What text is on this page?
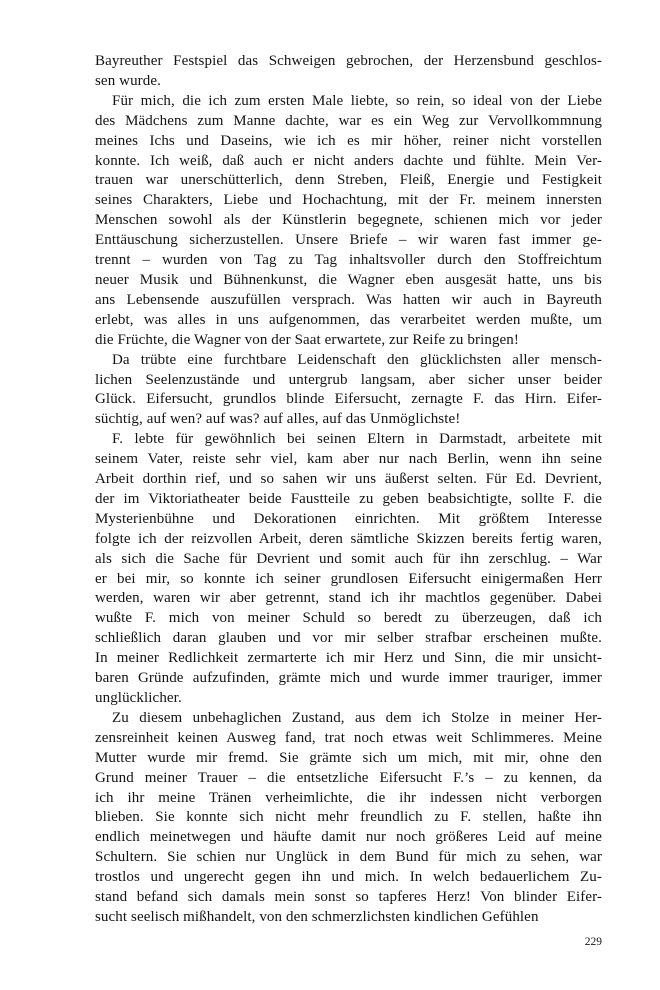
Bayreuther Festspiel das Schweigen gebrochen, der Herzensbund geschlos-
sen wurde.
Für mich, die ich zum ersten Male liebte, so rein, so ideal von der Liebe
des Mädchens zum Manne dachte, war es ein Weg zur Vervollkommnung
meines Ichs und Daseins, wie ich es mir höher, reiner nicht vorstellen
konnte. Ich weiß, daß auch er nicht anders dachte und fühlte. Mein Ver-
trauen war unerschütterlich, denn Streben, Fleiß, Energie und Festigkeit
seines Charakters, Liebe und Hochachtung, mit der Fr. meinem innersten
Menschen sowohl als der Künstlerin begegnete, schienen mich vor jeder
Enttäuschung sicherzustellen. Unsere Briefe – wir waren fast immer ge-
trennt – wurden von Tag zu Tag inhaltsvoller durch den Stoffreichtum
neuer Musik und Bühnenkunst, die Wagner eben ausgesät hatte, uns bis
ans Lebensende auszufüllen versprach. Was hatten wir auch in Bayreuth
erlebt, was alles in uns aufgenommen, das verarbeitet werden mußte, um
die Früchte, die Wagner von der Saat erwartete, zur Reife zu bringen!
Da trübte eine furchtbare Leidenschaft den glücklichsten aller mensch-
lichen Seelenzustände und untergrub langsam, aber sicher unser beider
Glück. Eifersucht, grundlos blinde Eifersucht, zernagte F. das Hirn. Eifer-
süchtig, auf wen? auf was? auf alles, auf das Unmöglichste!
F. lebte für gewöhnlich bei seinen Eltern in Darmstadt, arbeitete mit
seinem Vater, reiste sehr viel, kam aber nur nach Berlin, wenn ihn seine
Arbeit dorthin rief, und so sahen wir uns äußerst selten. Für Ed. Devrient,
der im Viktoriatheater beide Faustteile zu geben beabsichtigte, sollte F. die
Mysterienbühne und Dekorationen einrichten. Mit größtem Interesse
folgte ich der reizvollen Arbeit, deren sämtliche Skizzen bereits fertig waren,
als sich die Sache für Devrient und somit auch für ihn zerschlug. – War
er bei mir, so konnte ich seiner grundlosen Eifersucht einigermaßen Herr
werden, waren wir aber getrennt, stand ich ihr machtlos gegenüber. Dabei
wußte F. mich von meiner Schuld so beredt zu überzeugen, daß ich
schließlich daran glauben und vor mir selber strafbar erscheinen mußte.
In meiner Redlichkeit zermarterte ich mir Herz und Sinn, die mir unsicht-
baren Gründe aufzufinden, grämte mich und wurde immer trauriger, immer
unglücklicher.
Zu diesem unbehaglichen Zustand, aus dem ich Stolze in meiner Her-
zensreinheit keinen Ausweg fand, trat noch etwas weit Schlimmeres. Meine
Mutter wurde mir fremd. Sie grämte sich um mich, mit mir, ohne den
Grund meiner Trauer – die entsetzliche Eifersucht F.’s – zu kennen, da
ich ihr meine Tränen verheimlichte, die ihr indessen nicht verborgen
blieben. Sie konnte sich nicht mehr freundlich zu F. stellen, haßte ihn
endlich meinetwegen und häufte damit nur noch größeres Leid auf meine
Schultern. Sie schien nur Unglück in dem Bund für mich zu sehen, war
trostlos und ungerecht gegen ihn und mich. In welch bedauerlichem Zu-
stand befand sich damals mein sonst so tapferes Herz! Von blinder Eifer-
sucht seelisch mißhandelt, von den schmerzlichsten kindlichen Gefühlen
229
